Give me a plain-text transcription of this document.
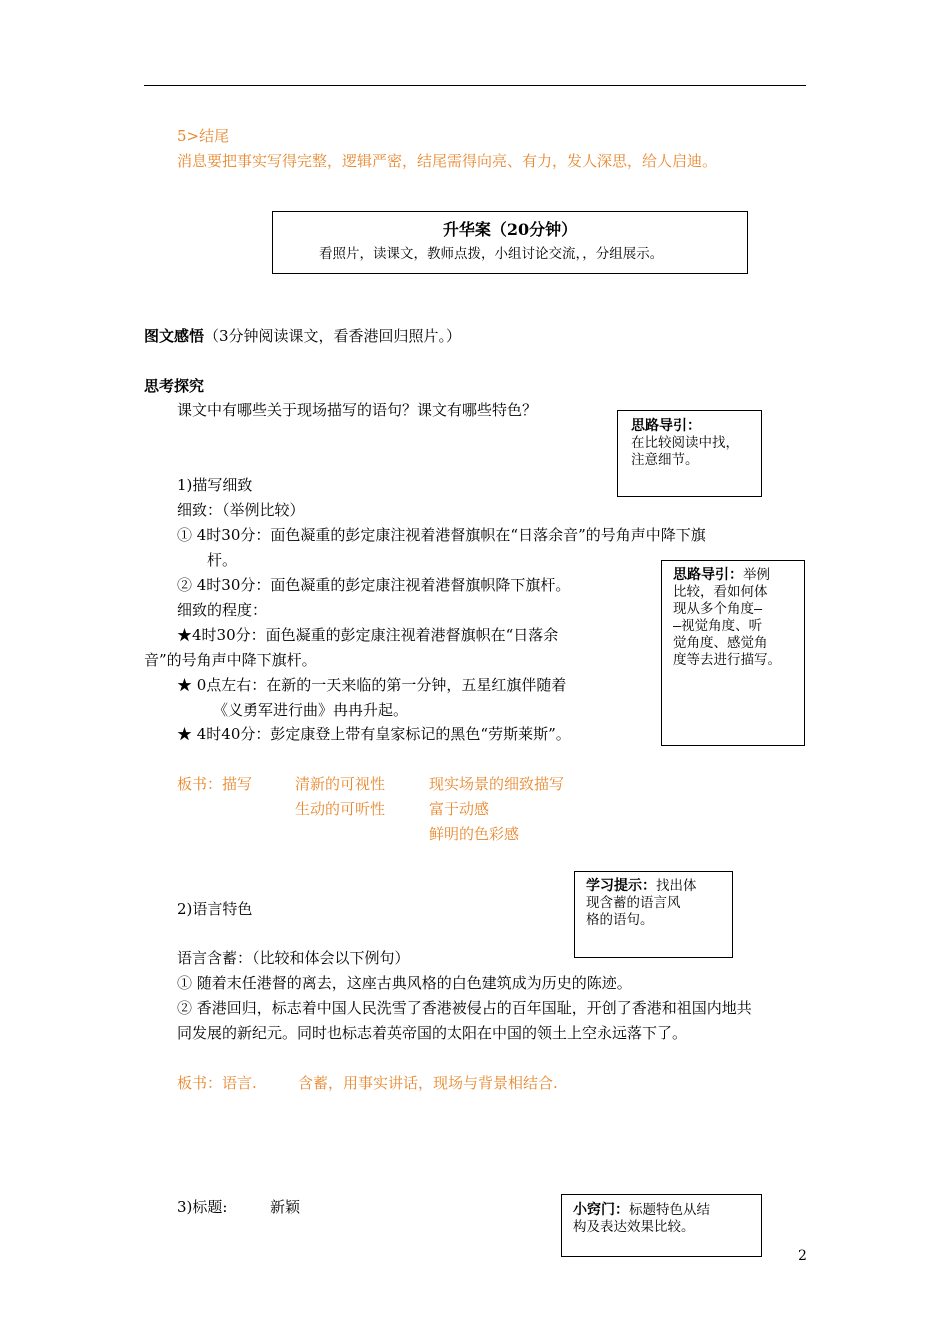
5>结尾
消息要把事实写得完整，逻辑严密，结尾需得向亮、有力，发人深思，给人启迪。
升华案（20分钟）
看照片，读课文，教师点拨，小组讨论交流，，分组展示。
图文感悟（3分钟阅读课文，看香港回归照片。）
思考探究
课文中有哪些关于现场描写的语句？课文有哪些特色？
思路导引：
在比较阅读中找，
注意细节。
1)描写细致
细致：（举例比较）
① 4时30分：面色凝重的彭定康注视着港督旗帜在“日落余音”的号角声中降下旗
杆。
② 4时30分：面色凝重的彭定康注视着港督旗帜降下旗杆。
细致的程度：
★4时30分：面色凝重的彭定康注视着港督旗帜在“日落余
音”的号角声中降下旗杆。
★ 0点左右：在新的一天来临的第一分钟，五星红旗伴随着
《义勇军进行曲》冉冉升起。
★ 4时40分：彭定康登上带有皇家标记的黑色“劳斯莱斯”。
思路导引：举例
比较，看如何体
现从多个角度—
—视觉角度、听
觉角度、感觉角
度等去进行描写。
板书：描写	清新的可视性
生动的可听性
现实场景的细致描写
富于动感
鲜明的色彩感
学习提示：找出体
现含蓄的语言风
格的语句。
2)语言特色
语言含蓄：（比较和体会以下例句）
① 随着末任港督的离去，这座古典风格的白色建筑成为历史的陈迹。
② 香港回归，标志着中国人民洗雪了香港被侵占的百年国耻，开创了香港和祖国内地共
同发展的新纪元。同时也标志着英帝国的太阳在中国的领土上空永远落下了。
板书：语言.	含蓄，用事实讲话，现场与背景相结合.
3)标题:	新颖	小窍门：标题特色从结
构及表达效果比较。
2
